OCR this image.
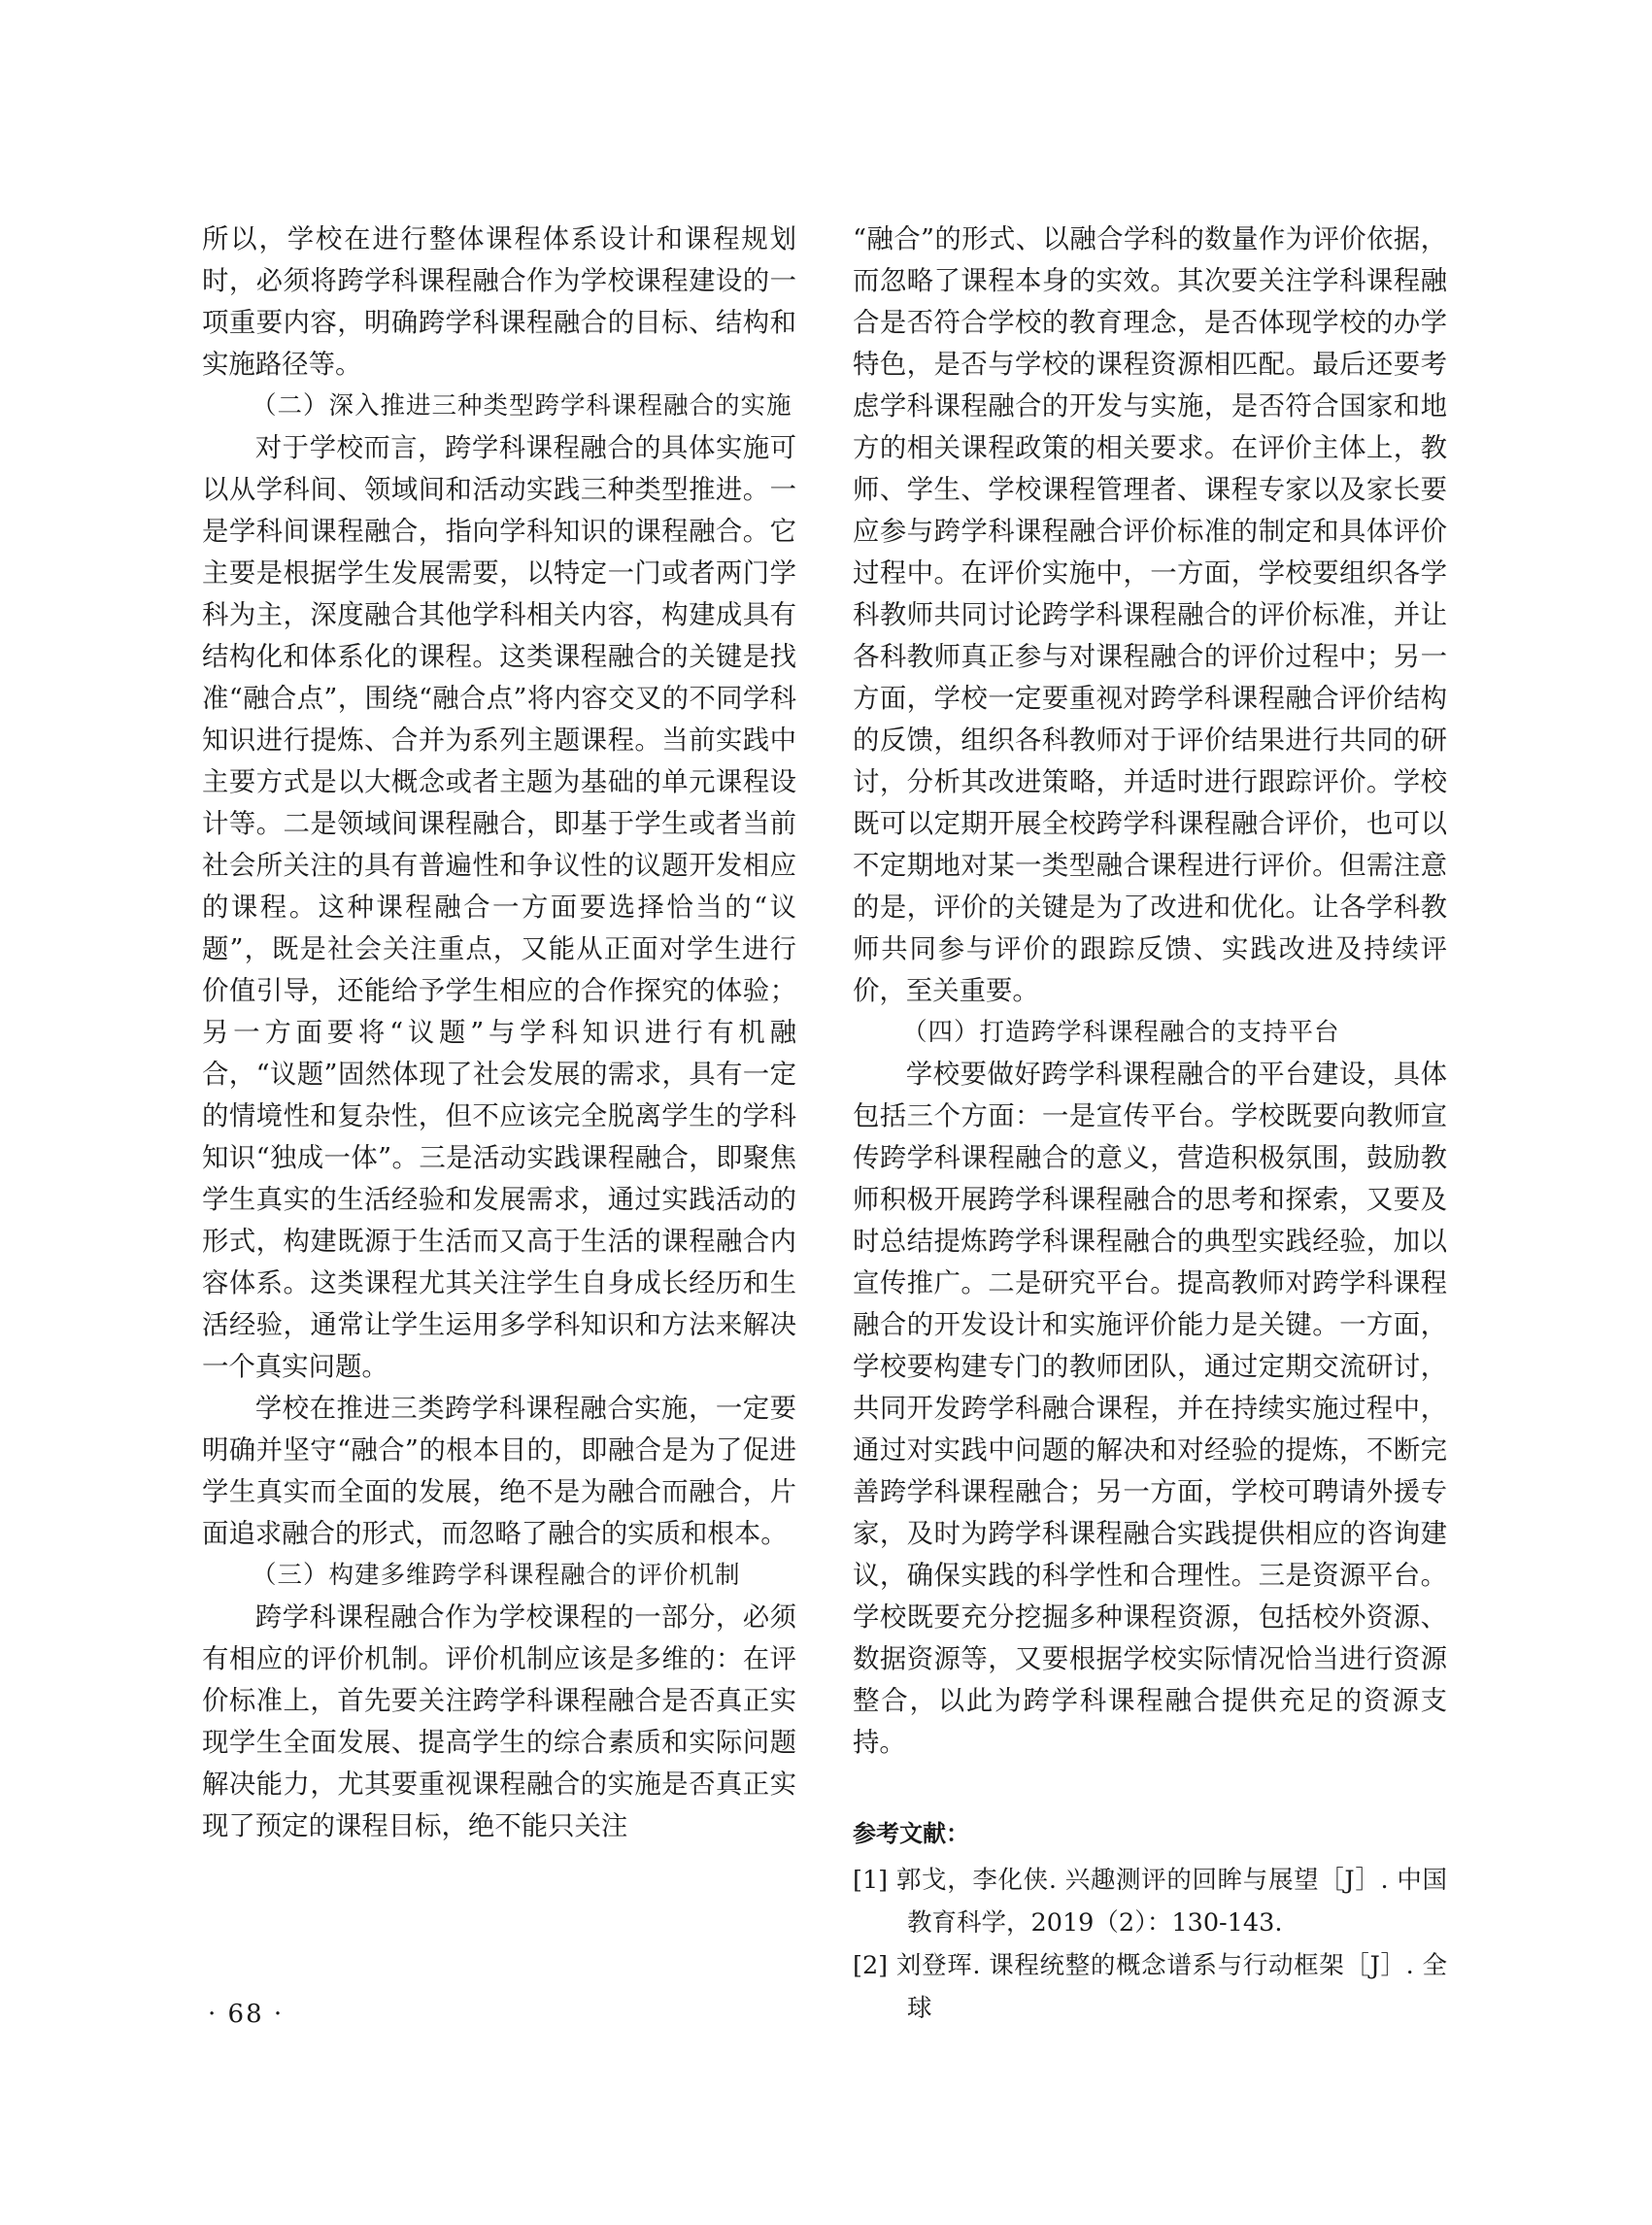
所以，学校在进行整体课程体系设计和课程规划时，必须将跨学科课程融合作为学校课程建设的一项重要内容，明确跨学科课程融合的目标、结构和实施路径等。

（二）深入推进三种类型跨学科课程融合的实施

对于学校而言，跨学科课程融合的具体实施可以从学科间、领域间和活动实践三种类型推进。一是学科间课程融合，指向学科知识的课程融合。它主要是根据学生发展需要，以特定一门或者两门学科为主，深度融合其他学科相关内容，构建成具有结构化和体系化的课程。这类课程融合的关键是找准“融合点”，围绕“融合点”将内容交叉的不同学科知识进行提炼、合并为系列主题课程。当前实践中主要方式是以大概念或者主题为基础的单元课程设计等。二是领域间课程融合，即基于学生或者当前社会所关注的具有普遍性和争议性的议题开发相应的课程。这种课程融合一方面要选择恰当的“议题”，既是社会关注重点，又能从正面对学生进行价值引导，还能给予学生相应的合作探究的体验；另一方面要将“议题”与学科知识进行有机融合，“议题”固然体现了社会发展的需求，具有一定的情境性和复杂性，但不应该完全脱离学生的学科知识“独成一体”。三是活动实践课程融合，即聚焦学生真实的生活经验和发展需求，通过实践活动的形式，构建既源于生活而又高于生活的课程融合内容体系。这类课程尤其关注学生自身成长经历和生活经验，通常让学生运用多学科知识和方法来解决一个真实问题。

学校在推进三类跨学科课程融合实施，一定要明确并坚守“融合”的根本目的，即融合是为了促进学生真实而全面的发展，绝不是为融合而融合，片面追求融合的形式，而忽略了融合的实质和根本。

（三）构建多维跨学科课程融合的评价机制

跨学科课程融合作为学校课程的一部分，必须有相应的评价机制。评价机制应该是多维的：在评价标准上，首先要关注跨学科课程融合是否真正实现学生全面发展、提高学生的综合素质和实际问题解决能力，尤其要重视课程融合的实施是否真正实现了预定的课程目标，绝不能只关注

“融合”的形式、以融合学科的数量作为评价依据，而忽略了课程本身的实效。其次要关注学科课程融合是否符合学校的教育理念，是否体现学校的办学特色，是否与学校的课程资源相匹配。最后还要考虑学科课程融合的开发与实施，是否符合国家和地方的相关课程政策的相关要求。在评价主体上，教师、学生、学校课程管理者、课程专家以及家长要应参与跨学科课程融合评价标准的制定和具体评价过程中。在评价实施中，一方面，学校要组织各学科教师共同讨论跨学科课程融合的评价标准，并让各科教师真正参与对课程融合的评价过程中；另一方面，学校一定要重视对跨学科课程融合评价结构的反馈，组织各科教师对于评价结果进行共同的研讨，分析其改进策略，并适时进行跟踪评价。学校既可以定期开展全校跨学科课程融合评价，也可以不定期地对某一类型融合课程进行评价。但需注意的是，评价的关键是为了改进和优化。让各学科教师共同参与评价的跟踪反馈、实践改进及持续评价，至关重要。

（四）打造跨学科课程融合的支持平台

学校要做好跨学科课程融合的平台建设，具体包括三个方面：一是宣传平台。学校既要向教师宣传跨学科课程融合的意义，营造积极氛围，鼓励教师积极开展跨学科课程融合的思考和探索，又要及时总结提炼跨学科课程融合的典型实践经验，加以宣传推广。二是研究平台。提高教师对跨学科课程融合的开发设计和实施评价能力是关键。一方面，学校要构建专门的教师团队，通过定期交流研讨，共同开发跨学科融合课程，并在持续实施过程中，通过对实践中问题的解决和对经验的提炼，不断完善跨学科课程融合；另一方面，学校可聘请外援专家，及时为跨学科课程融合实践提供相应的咨询建议，确保实践的科学性和合理性。三是资源平台。学校既要充分挖掘多种课程资源，包括校外资源、数据资源等，又要根据学校实际情况恰当进行资源整合，以此为跨学科课程融合提供充足的资源支持。

参考文献：
[1] 郭戈，李化侠. 兴趣测评的回眸与展望［J］. 中国教育科学，2019（2）：130-143.
[2] 刘登珲. 课程统整的概念谱系与行动框架［J］. 全球
· 68 ·
